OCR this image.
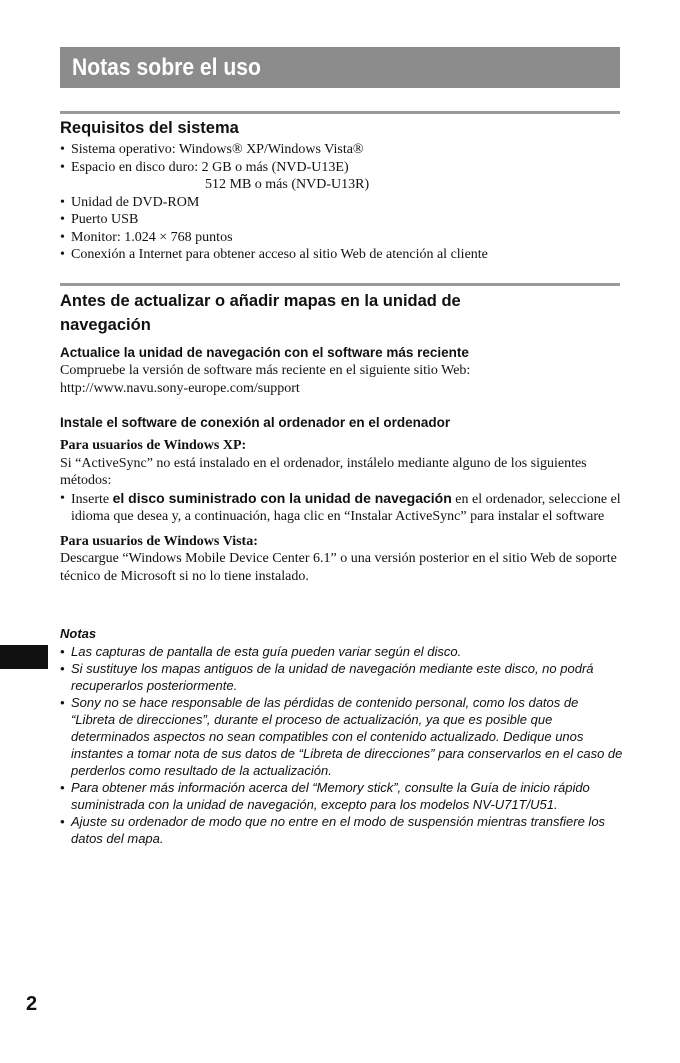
Notas sobre el uso
Requisitos del sistema
• Sistema operativo: Windows® XP/Windows Vista®
• Espacio en disco duro: 2 GB o más (NVD-U13E)
512 MB o más (NVD-U13R)
• Unidad de DVD-ROM
• Puerto USB
• Monitor: 1.024 × 768 puntos
• Conexión a Internet para obtener acceso al sitio Web de atención al cliente
Antes de actualizar o añadir mapas en la unidad de navegación
Actualice la unidad de navegación con el software más reciente
Compruebe la versión de software más reciente en el siguiente sitio Web:
http://www.navu.sony-europe.com/support
Instale el software de conexión al ordenador en el ordenador
Para usuarios de Windows XP:
Si “ActiveSync” no está instalado en el ordenador, instálelo mediante alguno de los siguientes métodos:
• Inserte el disco suministrado con la unidad de navegación en el ordenador, seleccione el idioma que desea y, a continuación, haga clic en “Instalar ActiveSync” para instalar el software
Para usuarios de Windows Vista:
Descargue “Windows Mobile Device Center 6.1” o una versión posterior en el sitio Web de soporte técnico de Microsoft si no lo tiene instalado.
Notas
• Las capturas de pantalla de esta guía pueden variar según el disco.
• Si sustituye los mapas antiguos de la unidad de navegación mediante este disco, no podrá recuperarlos posteriormente.
• Sony no se hace responsable de las pérdidas de contenido personal, como los datos de “Libreta de direcciones”, durante el proceso de actualización, ya que es posible que determinados aspectos no sean compatibles con el contenido actualizado. Dedique unos instantes a tomar nota de sus datos de “Libreta de direcciones” para conservarlos en el caso de perderlos como resultado de la actualización.
• Para obtener más información acerca del “Memory stick”, consulte la Guía de inicio rápido suministrada con la unidad de navegación, excepto para los modelos NV-U71T/U51.
• Ajuste su ordenador de modo que no entre en el modo de suspensión mientras transfiere los datos del mapa.
2
